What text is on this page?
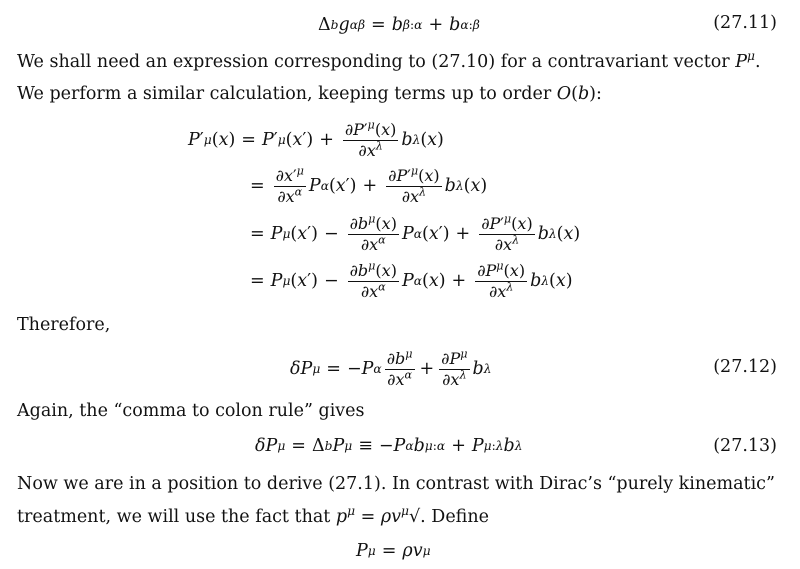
Δ b g αβ = b β:α + b α:β	(27.11)
We shall need an expression corresponding to (27.10) for a contravariant vector $P^\mu$.
We perform a similar calculation, keeping terms up to order O(b):
P ′ μ ( x ) = P ′ μ ( x ′) + $\frac{\partial P'^\mu(x)}{\partial x^\lambda}$ b λ ( x )
= $\frac{\partial x'^\mu}{\partial x^\alpha}$ P α ( x ′) + $\frac{\partial P'^\mu(x)}{\partial x^\lambda}$ b λ ( x )
= P μ ( x ′) − $\frac{\partial b^\mu(x)}{\partial x^\alpha}$ P α ( x ′) + $\frac{\partial P'^\mu(x)}{\partial x^\lambda}$ b λ ( x )
= P μ ( x ′) − $\frac{\partial b^\mu(x)}{\partial x^\alpha}$ P α ( x ) + $\frac{\partial P^\mu(x)}{\partial x^\lambda}$ b λ ( x )
Therefore,
δP μ = − P α $\frac{\partial b^\mu}{\partial x^\alpha} + \frac{\partial P^\mu}{\partial x^\lambda}$ b λ	(27.12)
Again, the “comma to colon rule” gives
δP μ = Δ b P μ ≡ − P α b μ :α + P μ :λ b λ	(27.13)
Now we are in a position to derive (27.1). In contrast with Dirac’s “purely kinematic”
treatment, we will use the fact that $p^\mu = \rho v^\mu√$. Define
P μ = ρv μ
